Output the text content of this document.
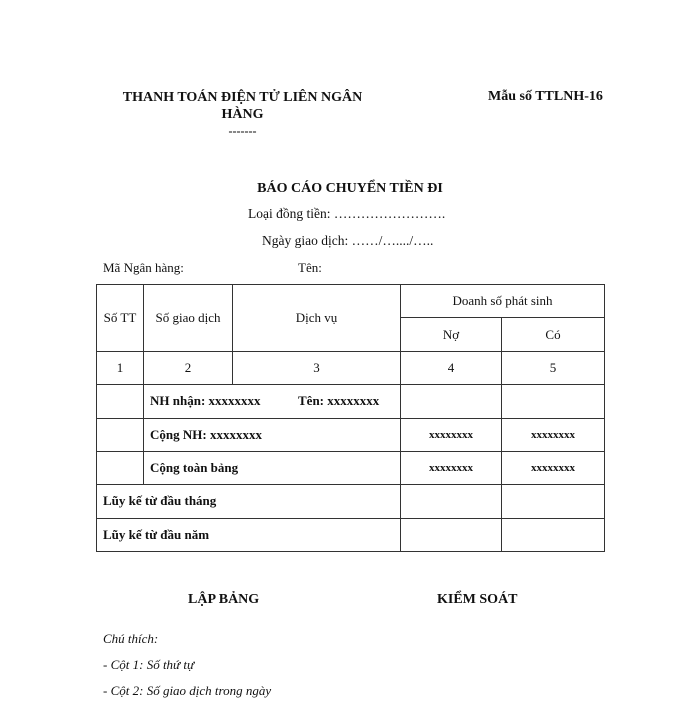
THANH TOÁN ĐIỆN TỬ LIÊN NGÂN
HÀNG
-------
Mẫu số TTLNH-16
BÁO CÁO CHUYỂN TIỀN ĐI
Loại đồng tiền: …………………….
Ngày giao dịch: ……/…..../…..
Mã Ngân hàng:	Tên:
Số TT	Số giao dịch	Dịch vụ	Doanh số phát sinh	
			Nợ	Có
1	2	3	4	5
	NH nhận: xxxxxxxx Tên: xxxxxxxx			
	Cộng NH: xxxxxxxx		xxxxxxxx	xxxxxxxx
	Cộng toàn bảng		xxxxxxxx	xxxxxxxx
Lũy kế từ đầu tháng				
Lũy kế từ đầu năm				
LẬP BẢNG	KIỂM SOÁT
Chú thích:
- Cột 1: Số thứ tự
- Cột 2: Số giao dịch trong ngày
